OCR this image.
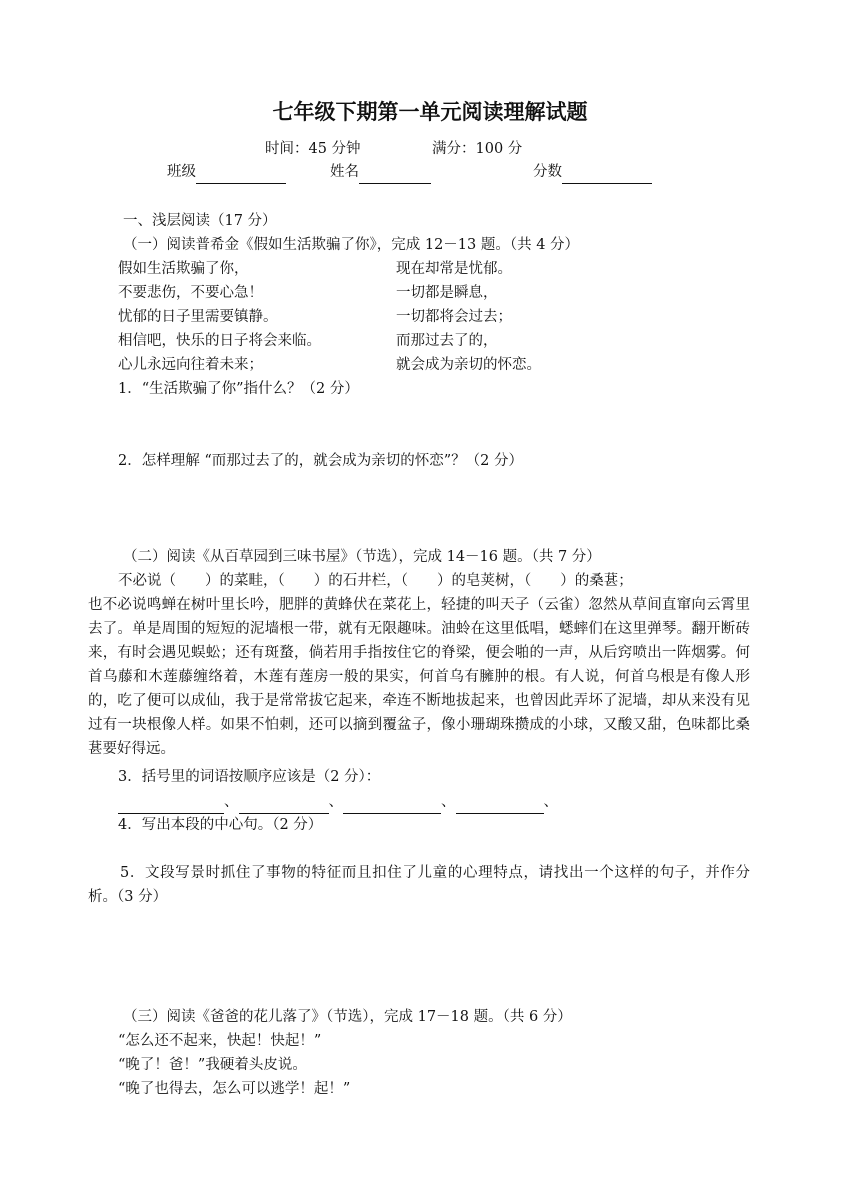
七年级下期第一单元阅读理解试题
时间：45 分钟	满分：100 分
班级	姓名	分数
一、浅层阅读（17 分）
（一）阅读普希金《假如生活欺骗了你》，完成 12－13 题。（共 4 分）
假如生活欺骗了你，
不要悲伤，不要心急！
忧郁的日子里需要镇静。
相信吧，快乐的日子将会来临。
心儿永远向往着未来；
现在却常是忧郁。
一切都是瞬息，
一切都将会过去；
而那过去了的，
就会成为亲切的怀恋。
1．“生活欺骗了你”指什么？（2 分）
2．怎样理解 “而那过去了的，就会成为亲切的怀恋”？（2 分）
（二）阅读《从百草园到三味书屋》（节选），完成 14－16 题。（共 7 分）
不必说（　　）的菜畦，（　　）的石井栏，（　　）的皂荚树，（　　）的桑葚；
也不必说鸣蝉在树叶里长吟，肥胖的黄蜂伏在菜花上，轻捷的叫天子（云雀）忽然从草间直窜向云霄里去了。单是周围的短短的泥墙根一带，就有无限趣味。油蛉在这里低唱，蟋蟀们在这里弹琴。翻开断砖来，有时会遇见蜈蚣；还有斑蝥，倘若用手指按住它的脊梁，便会啪的一声，从后窍喷出一阵烟雾。何首乌藤和木莲藤缠络着，木莲有莲房一般的果实，何首乌有臃肿的根。有人说，何首乌根是有像人形的，吃了便可以成仙，我于是常常拔它起来，牵连不断地拔起来，也曾因此弄坏了泥墙，却从来没有见过有一块根像人样。如果不怕刺，还可以摘到覆盆子，像小珊瑚珠攒成的小球，又酸又甜，色味都比桑葚要好得远。
3．括号里的词语按顺序应该是（2 分）：
、	、	、	、
4．写出本段的中心句。（2 分）
5．文段写景时抓住了事物的特征而且扣住了儿童的心理特点，请找出一个这样的句子，并作分析。（3 分）
（三）阅读《爸爸的花儿落了》（节选），完成 17－18 题。（共 6 分）
“怎么还不起来，快起！快起！”
“晚了！爸！”我硬着头皮说。
“晚了也得去，怎么可以逃学！起！”
